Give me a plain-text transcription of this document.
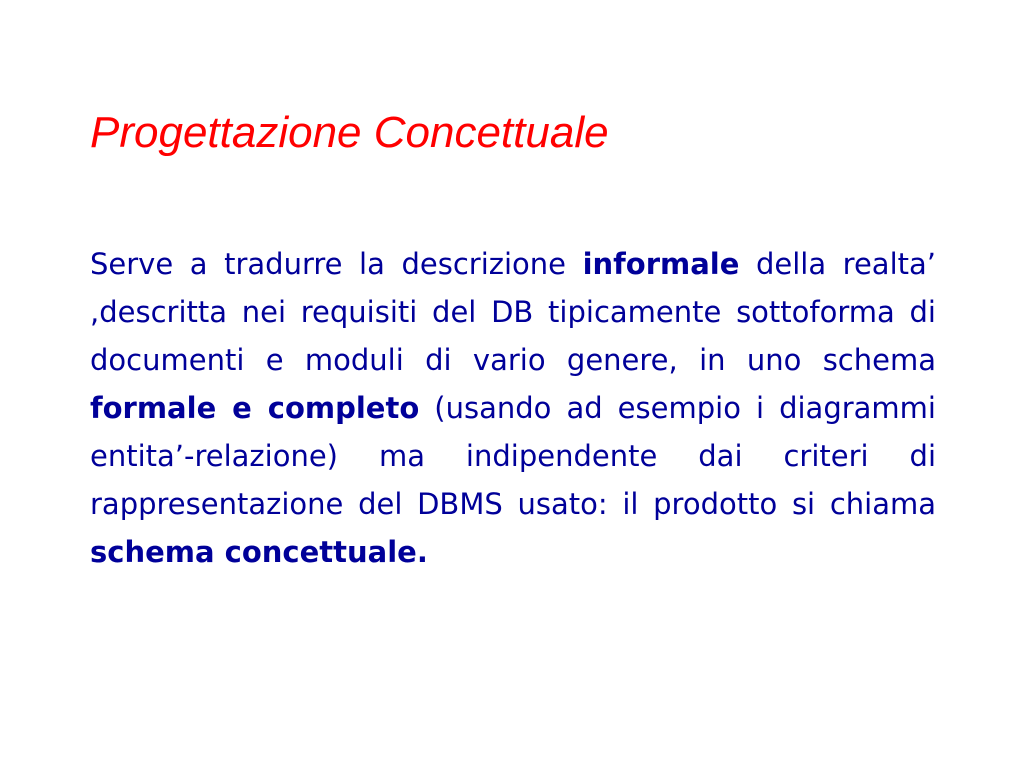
Progettazione Concettuale

Serve a tradurre la descrizione informale della realta’ ,descritta nei requisiti del DB tipicamente sottoforma di documenti e moduli di vario genere, in uno schema formale e completo (usando ad esempio i diagrammi entita’-relazione) ma indipendente dai criteri di rappresentazione del DBMS usato: il prodotto si chiama schema concettuale.
